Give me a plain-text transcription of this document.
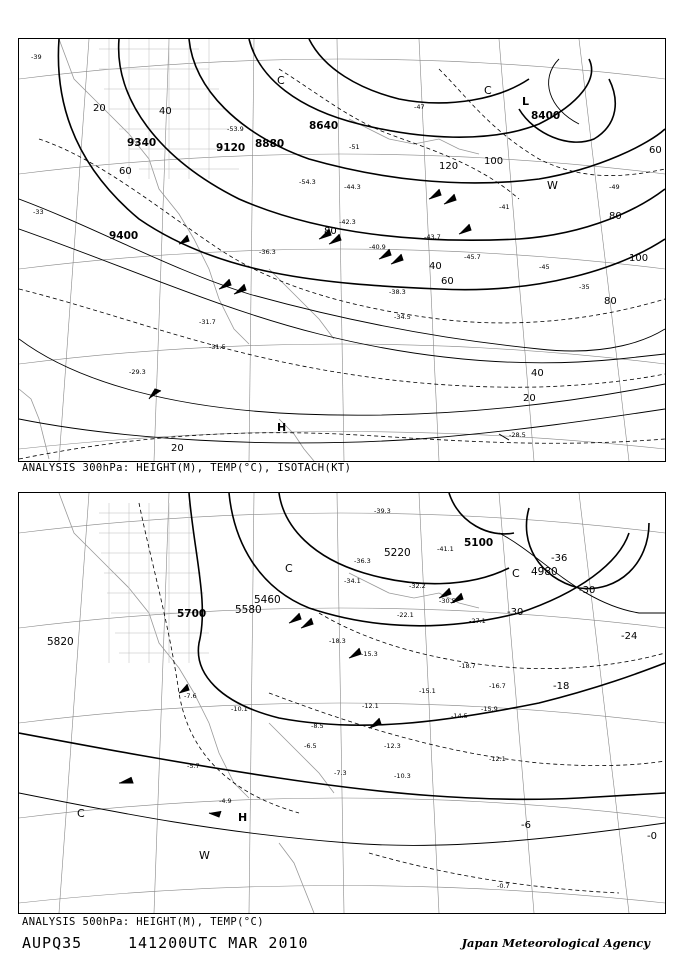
9340	9120 8880
8640
8400
9400
20	40
60
80
100
120
40
60
80
100
40
20
20
60
80
-39
-51
-53.9
-54.3
-44.3
-43.7
-42.3
-40.9
-45.7
-36.3
-38.3
-34.5
-31.7
-31.5
-29.3
-28.5
-33
-35
-45
-41
-47
-49
H
L
C
C
W
ANALYSIS 300hPa: HEIGHT(M), TEMP(°C), ISOTACH(KT)
5700
5820
5580
5460
5220
5100
4980
-36
-30
-24
-18
-6
-30
-0
-41.1
-39.3
-36.3
-34.1
-32.2
-30.5
-27.1
-22.1
-18.7
-16.7
-15.1
-15.9
-14.5
-12.1
-12.3
-10.3
-7.3
-6.5
-5.7
-4.9
-0.7
-12.1
-8.5
-7.6
-10.1
-18.3
-15.3
H
C
C	C
W
ANALYSIS 500hPa: HEIGHT(M), TEMP(°C)
AUPQ35	141200UTC MAR 2010	Japan Meteorological Agency
